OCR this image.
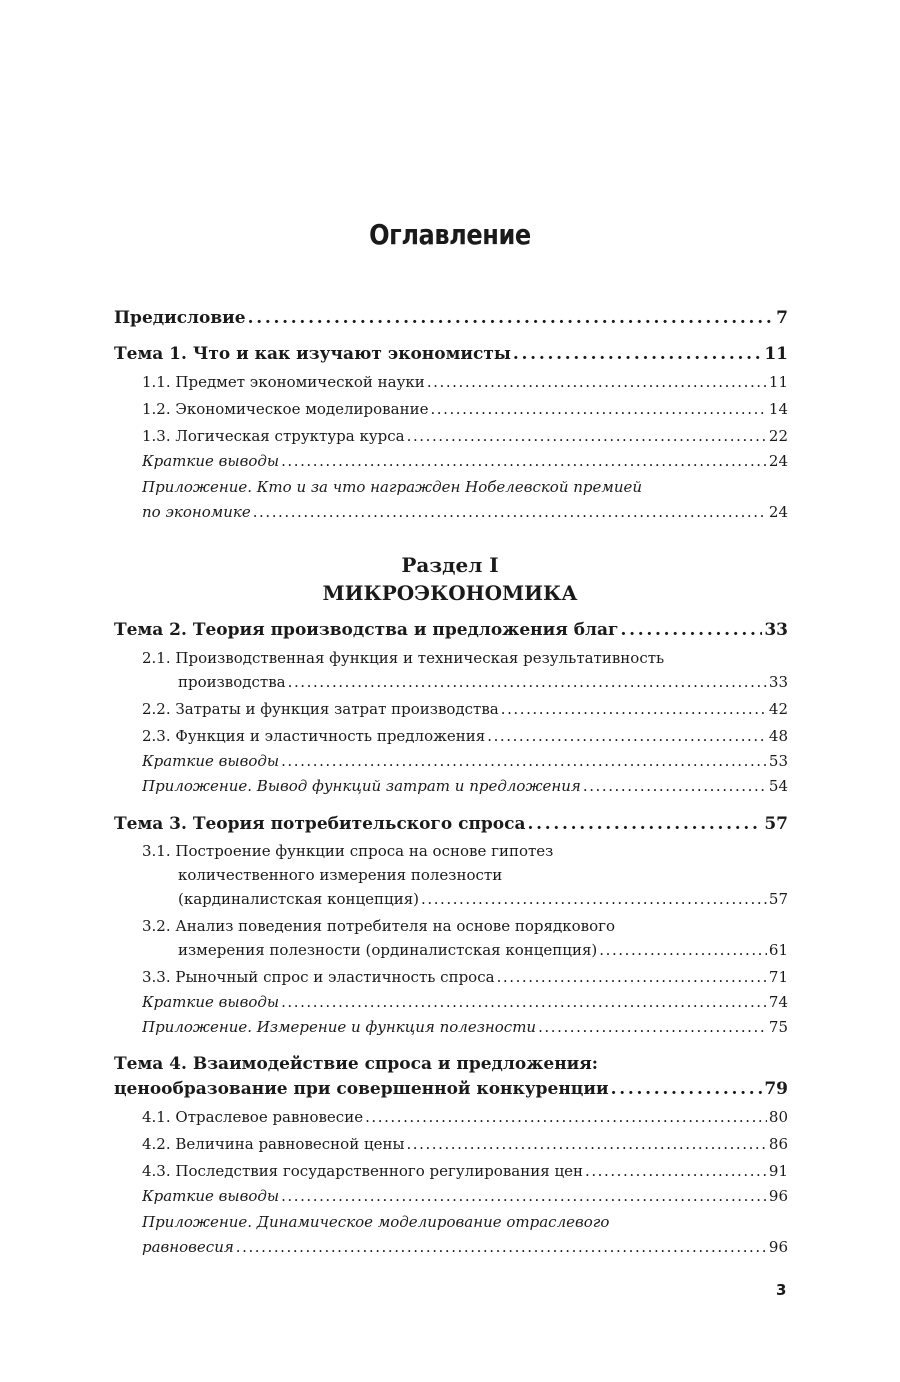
Оглавление
Предисловие . . .	7
Тема 1. Что и как изучают экономисты . . .	11
1.1. Предмет экономической науки . . .	11
1.2. Экономическое моделирование . . .	14
1.3. Логическая структура курса . . .	22
Краткие выводы . . .	24
Приложение. Кто и за что награжден Нобелевской премией
по экономике . . .	24
Раздел I
МИКРОЭКОНОМИКА
Тема 2. Теория производства и предложения благ . . .	33
2.1. Производственная функция и техническая результативность
производства . . .	33
2.2. Затраты и функция затрат производства . . .	42
2.3. Функция и эластичность предложения . . .	48
Краткие выводы . . .	53
Приложение. Вывод функций затрат и предложения . . .	54
Тема 3. Теория потребительского спроса . . .	57
3.1. Построение функции спроса на основе гипотез
количественного измерения полезности
(кардиналистская концепция) . . .	57
3.2. Анализ поведения потребителя на основе порядкового
измерения полезности (ординалистская концепция) . . .	61
3.3. Рыночный спрос и эластичность спроса . . .	71
Краткие выводы . . .	74
Приложение. Измерение и функция полезности . . .	75
Тема 4. Взаимодействие спроса и предложения:
ценообразование при совершенной конкуренции . . .	79
4.1. Отраслевое равновесие . . .	80
4.2. Величина равновесной цены . . .	86
4.3. Последствия государственного регулирования цен . . .	91
Краткие выводы . . .	96
Приложение. Динамическое моделирование отраслевого
равновесия . . .	96
3
